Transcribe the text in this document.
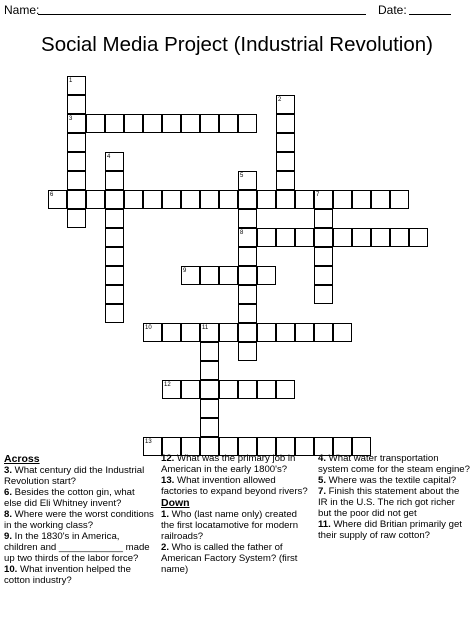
Name:	Date:
Social Media Project (Industrial Revolution)
1
3
2
4
5
8
6	7
9
10	11
12
13
Across

3. What century did the Industrial Revolution start?

6. Besides the cotton gin, what else did Eli Whitney invent?

8. Where were the worst conditions in the working class?

9. In the 1830's in America, children and ____________ made up two thirds of the labor force?

10. What invention helped the cotton industry?

12. What was the primary job in American in the early 1800's?

13. What invention allowed factories to expand beyond rivers?

Down

1. Who (last name only) created the first locatamotive for modern railroads?

2. Who is called the father of American Factory System? (first name)

4. What water transportation system come for the steam engine?

5. Where was the textile capital?

7. Finish this statement about the IR in the U.S. The rich got richer but the poor did not get

11. Where did Britian primarily get their supply of raw cotton?
